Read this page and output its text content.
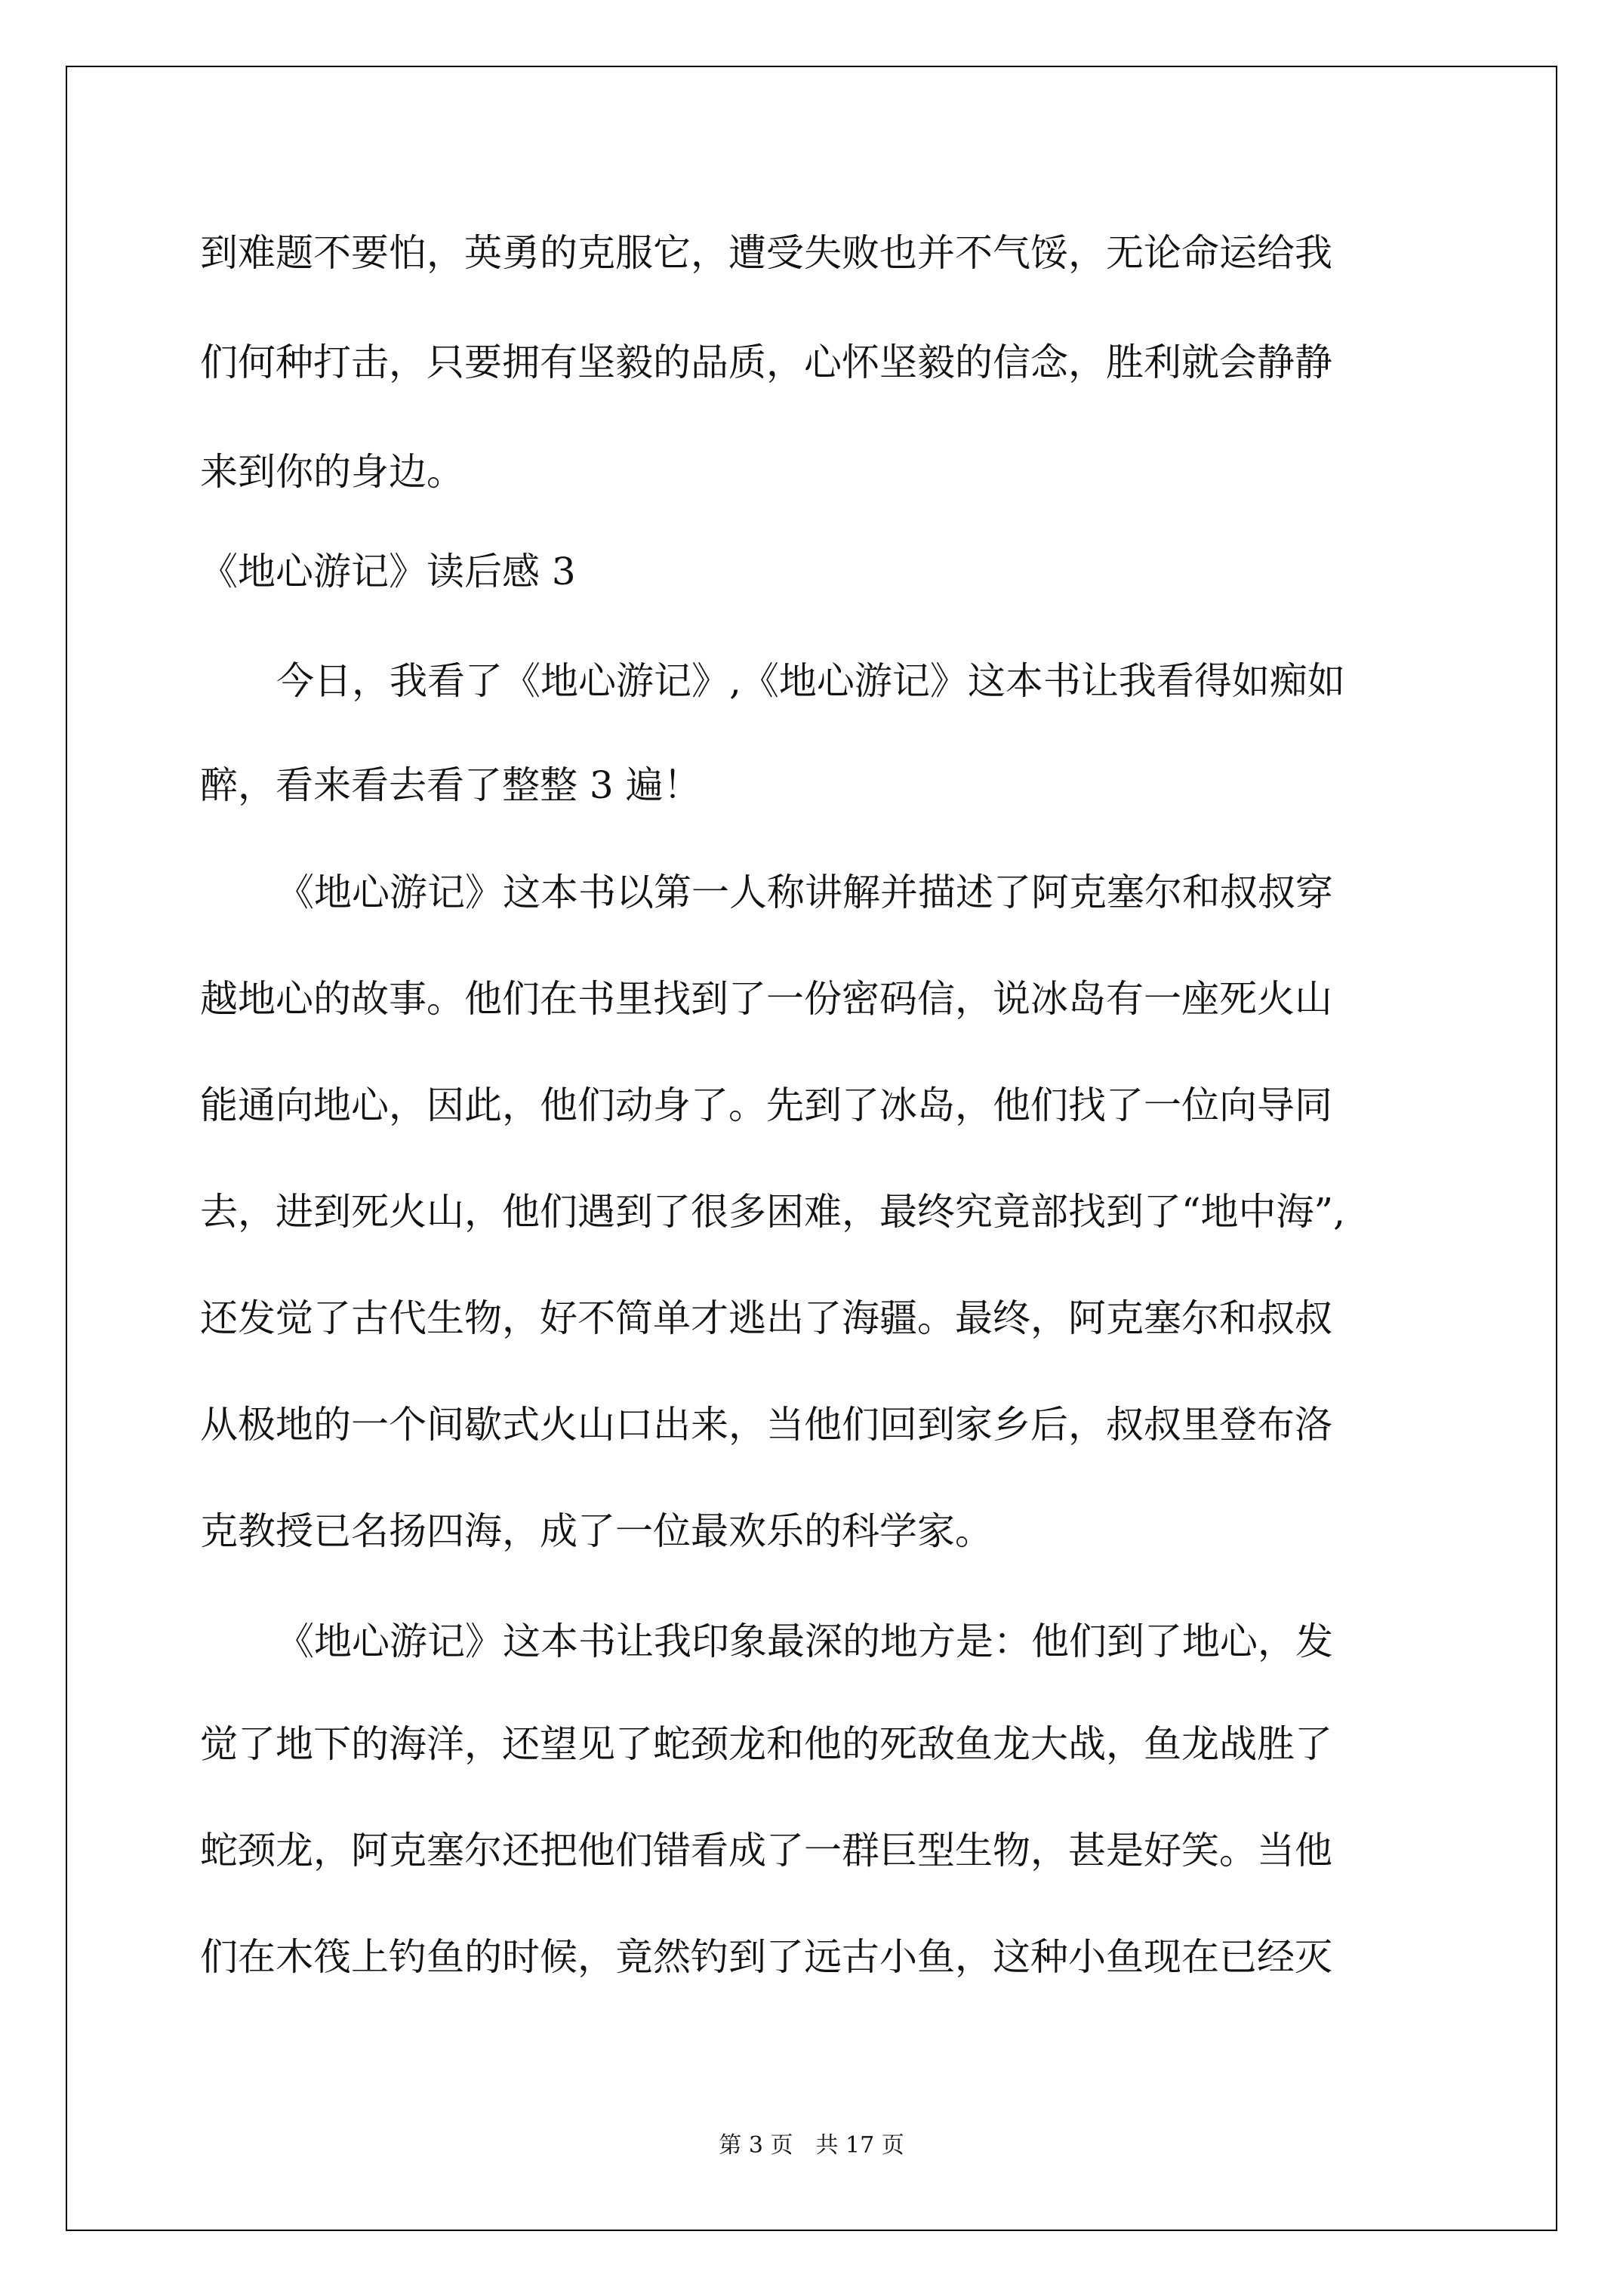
到难题不要怕，英勇的克服它，遭受失败也并不气馁，无论命运给我

们何种打击，只要拥有坚毅的品质，心怀坚毅的信念，胜利就会静静

来到你的身边。

《地心游记》读后感 3

今日，我看了《地心游记》,《地心游记》这本书让我看得如痴如

醉，看来看去看了整整 3 遍！

《地心游记》这本书以第一人称讲解并描述了阿克塞尔和叔叔穿

越地心的故事。他们在书里找到了一份密码信，说冰岛有一座死火山

能通向地心，因此，他们动身了。先到了冰岛，他们找了一位向导同

去，进到死火山，他们遇到了很多困难，最终究竟部找到了“地中海”,

还发觉了古代生物，好不简单才逃出了海疆。最终，阿克塞尔和叔叔

从极地的一个间歇式火山口出来，当他们回到家乡后，叔叔里登布洛

克教授已名扬四海，成了一位最欢乐的科学家。

《地心游记》这本书让我印象最深的地方是：他们到了地心，发

觉了地下的海洋，还望见了蛇颈龙和他的死敌鱼龙大战，鱼龙战胜了

蛇颈龙，阿克塞尔还把他们错看成了一群巨型生物，甚是好笑。当他

们在木筏上钓鱼的时候，竟然钓到了远古小鱼，这种小鱼现在已经灭

第 3 页　共 17 页
